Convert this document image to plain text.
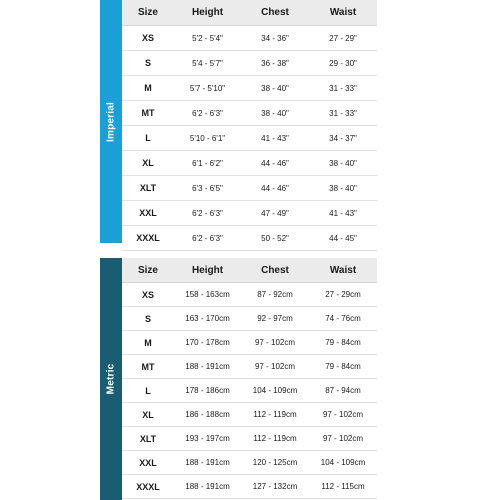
Imperial
Size	Height	Chest	Waist
XS	5'2 - 5'4"	34 - 36"	27 - 29"
S	5'4 - 5'7"	36 - 38"	29 - 30"
M	5'7 - 5'10"	38 - 40"	31 - 33"
MT	6'2 - 6'3"	38 - 40"	31 - 33"
L	5'10 - 6'1"	41 - 43"	34 - 37"
XL	6'1 - 6'2"	44 - 46"	38 - 40"
XLT	6'3 - 6'5"	44 - 46"	38 - 40"
XXL	6'2 - 6'3"	47 - 49"	41 - 43"
XXXL	6'2 - 6'3"	50 - 52"	44 - 45"
Metric
Size	Height	Chest	Waist
XS	158 - 163cm	87 - 92cm	27 - 29cm
S	163 - 170cm	92 - 97cm	74 - 76cm
M	170 - 178cm	97 - 102cm	79 - 84cm
MT	188 - 191cm	97 - 102cm	79 - 84cm
L	178 - 186cm	104 - 109cm	87 - 94cm
XL	186 - 188cm	112 - 119cm	97 - 102cm
XLT	193 - 197cm	112 - 119cm	97 - 102cm
XXL	188 - 191cm	120 - 125cm	104 - 109cm
XXXL	188 - 191cm	127 - 132cm	112 - 115cm
